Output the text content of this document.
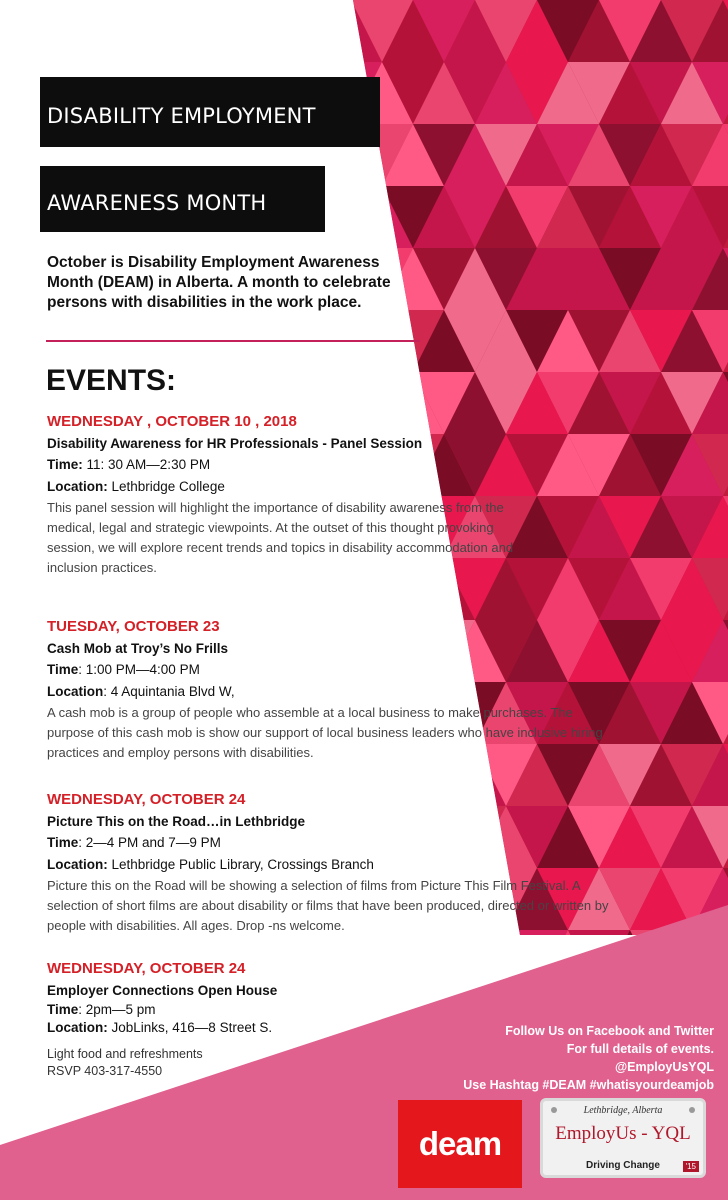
DISABILITY EMPLOYMENT
AWARENESS MONTH
October is Disability Employment Awareness Month (DEAM) in Alberta. A month to celebrate persons with disabilities in the work place.
EVENTS:
WEDNESDAY , OCTOBER 10 , 2018
Disability Awareness for HR Professionals - Panel Session
Time: 11: 30 AM—2:30 PM
Location: Lethbridge College
This panel session will highlight the importance of disability awareness from the medical, legal and strategic viewpoints. At the outset of this thought provoking session, we will explore recent trends and topics in disability accommodation and inclusion practices.
TUESDAY, OCTOBER 23
Cash Mob at Troy’s No Frills
Time: 1:00 PM—4:00 PM
Location: 4 Aquintania Blvd W,
A cash mob is a group of people who assemble at a local business to make purchases. The purpose of this cash mob is show our support of local business leaders who have inclusive hiring practices and employ persons with disabilities.
WEDNESDAY, OCTOBER 24
Picture This on the Road…in Lethbridge
Time: 2—4 PM and 7—9 PM
Location: Lethbridge Public Library, Crossings Branch
Picture this on the Road will be showing a selection of films from Picture This Film Festival. A selection of short films are about disability or films that have been produced, directed or written by people with disabilities. All ages. Drop -ns welcome.
WEDNESDAY, OCTOBER 24
Employer Connections Open House
Time: 2pm—5 pm
Location: JobLinks, 416—8 Street S.
Light food and refreshments
RSVP 403-317-4550
Follow Us on Facebook and Twitter
For full details of events.
@EmployUsYQL
Use Hashtag #DEAM #whatisyourdeamjob
deam
Lethbridge, Alberta
EmployUs - YQL
Driving Change	'15
